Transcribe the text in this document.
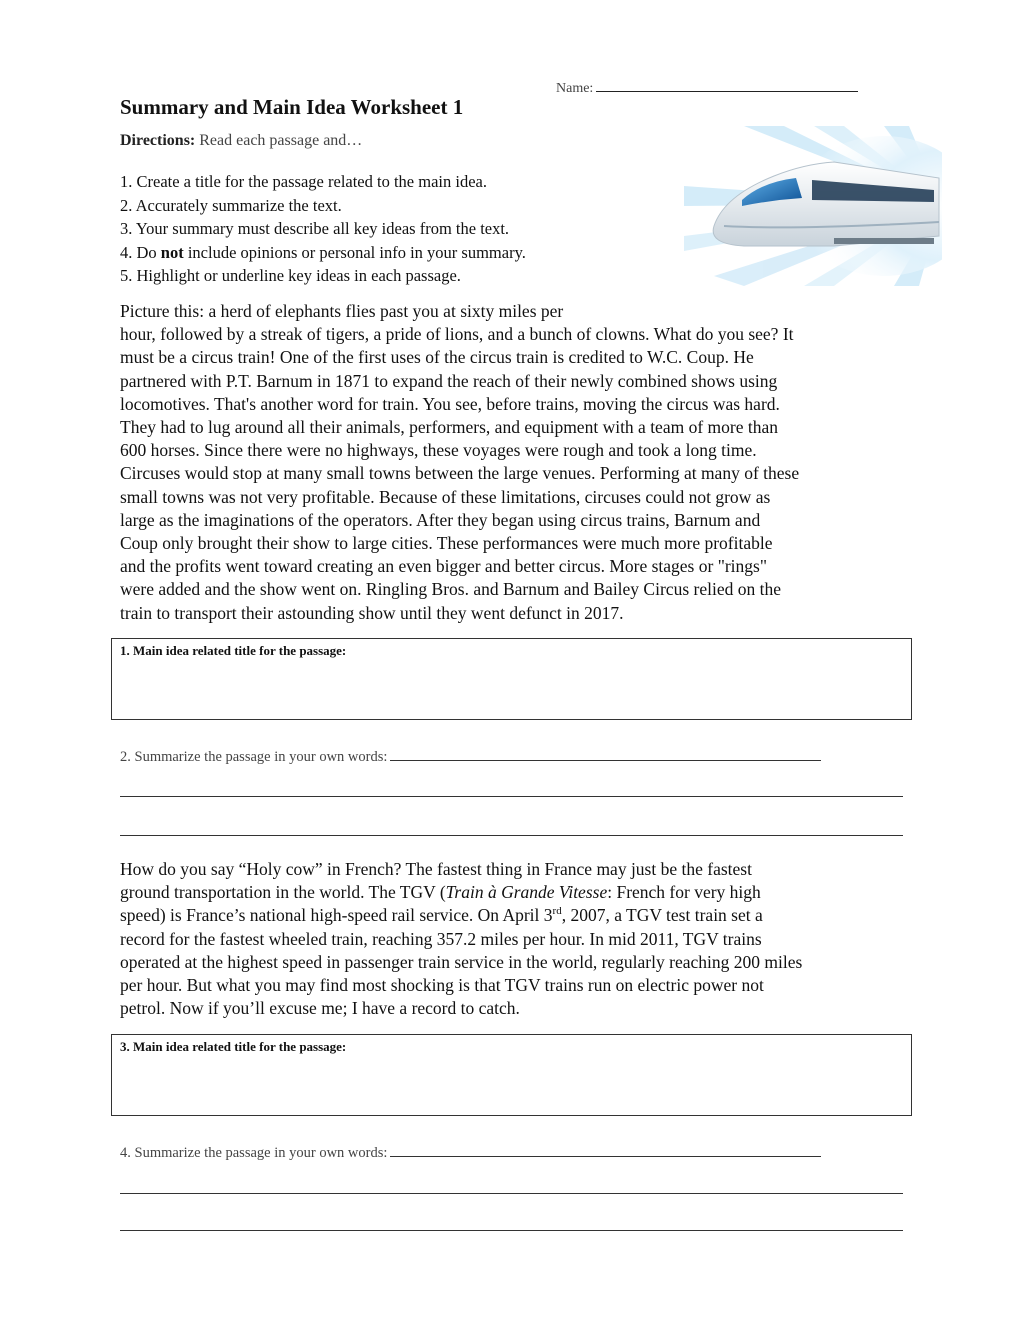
Name:
Summary and Main Idea Worksheet 1
Directions: Read each passage and…
1. Create a title for the passage related to the main idea.
2. Accurately summarize the text.
3. Your summary must describe all key ideas from the text.
4. Do not include opinions or personal info in your summary.
5. Highlight or underline key ideas in each passage.
Picture this: a herd of elephants flies past you at sixty miles per
hour, followed by a streak of tigers, a pride of lions, and a bunch of clowns. What do you see? It
must be a circus train! One of the first uses of the circus train is credited to W.C. Coup. He
partnered with P.T. Barnum in 1871 to expand the reach of their newly combined shows using
locomotives. That's another word for train. You see, before trains, moving the circus was hard.
They had to lug around all their animals, performers, and equipment with a team of more than
600 horses. Since there were no highways, these voyages were rough and took a long time.
Circuses would stop at many small towns between the large venues. Performing at many of these
small towns was not very profitable. Because of these limitations, circuses could not grow as
large as the imaginations of the operators. After they began using circus trains, Barnum and
Coup only brought their show to large cities. These performances were much more profitable
and the profits went toward creating an even bigger and better circus. More stages or "rings"
were added and the show went on. Ringling Bros. and Barnum and Bailey Circus relied on the
train to transport their astounding show until they went defunct in 2017.
1. Main idea related title for the passage:
2. Summarize the passage in your own words:
How do you say “Holy cow” in French? The fastest thing in France may just be the fastest
ground transportation in the world. The TGV (Train à Grande Vitesse: French for very high
speed) is France’s national high-speed rail service. On April 3rd, 2007, a TGV test train set a
record for the fastest wheeled train, reaching 357.2 miles per hour. In mid 2011, TGV trains
operated at the highest speed in passenger train service in the world, regularly reaching 200 miles
per hour. But what you may find most shocking is that TGV trains run on electric power not
petrol. Now if you’ll excuse me; I have a record to catch.
3. Main idea related title for the passage:
4. Summarize the passage in your own words:
